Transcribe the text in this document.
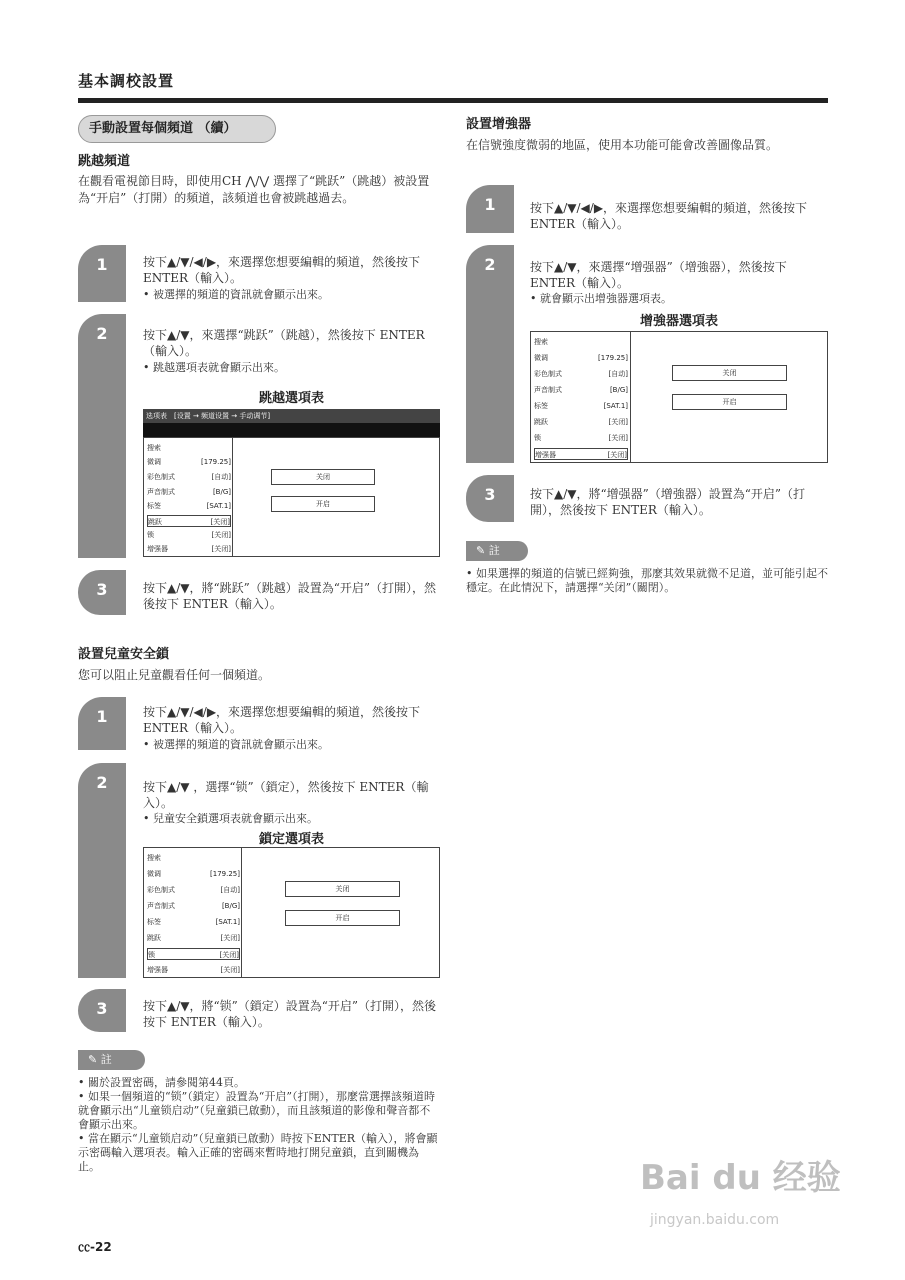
基本調校設置
手動設置每個頻道 （續）
跳越頻道
在觀看電視節目時，即使用CH ⋀/⋁ 選擇了“跳跃”（跳越）被設置為“开启”（打開）的頻道，該頻道也會被跳越過去。
1	按下▲/▼/◀/▶，來選擇您想要編輯的頻道，然後按下 ENTER（輸入）。
• 被選擇的頻道的資訊就會顯示出來。
2	按下▲/▼，來選擇“跳跃”（跳越），然後按下 ENTER（輸入）。
• 跳越選項表就會顯示出來。
跳越選項表
选项表　[设置 → 频道设置 → 手动调节]
搜索
微调	[179.25]
彩色制式	[自动]
声音制式	[B/G]
标签	[SAT.1]
跳跃	[关闭]
锁	[关闭]
增强器	[关闭]
关闭
开启
3	按下▲/▼，將“跳跃”（跳越）設置為“开启”（打開），然後按下 ENTER（輸入）。
設置兒童安全鎖
您可以阻止兒童觀看任何一個頻道。
1	按下▲/▼/◀/▶，來選擇您想要編輯的頻道，然後按下 ENTER（輸入）。
• 被選擇的頻道的資訊就會顯示出來。
2	按下▲/▼ ，選擇“锁”（鎖定），然後按下 ENTER（輸入）。
• 兒童安全鎖選項表就會顯示出來。
鎖定選項表
搜索
微调	[179.25]
彩色制式	[自动]
声音制式	[B/G]
标签	[SAT.1]
跳跃	[关闭]
锁	[关闭]
增强器	[关闭]
关闭
开启
3	按下▲/▼，將“锁”（鎖定）設置為“开启”（打開），然後按下 ENTER（輸入）。
✎ 註
• 關於設置密碼，請參閱第44頁。
• 如果一個頻道的“锁”（鎖定）設置為“开启”（打開），那麼當選擇該頻道時就會顯示出“儿童锁启动”（兒童鎖已啟動），而且該頻道的影像和聲音都不會顯示出來。
• 當在顯示“儿童锁启动”（兒童鎖已啟動）時按下ENTER（輸入），將會顯示密碼輸入選項表。輸入正確的密碼來暫時地打開兒童鎖，直到關機為止。
設置增強器
在信號強度微弱的地區，使用本功能可能會改善圖像品質。
1	按下▲/▼/◀/▶，來選擇您想要編輯的頻道，然後按下 ENTER（輸入）。
2	按下▲/▼，來選擇“增强器”（增強器），然後按下ENTER（輸入）。
• 就會顯示出增強器選項表。
增強器選項表
搜索
微调	[179.25]
彩色制式	[自动]
声音制式	[B/G]
标签	[SAT.1]
跳跃	[关闭]
锁	[关闭]
增强器	[关闭]
关闭
开启
3	按下▲/▼，將“增强器”（增強器）設置為“开启”（打開），然後按下 ENTER（輸入）。
✎ 註
• 如果選擇的頻道的信號已經夠強，那麼其效果就微不足道，並可能引起不穩定。在此情況下，請選擇“关闭”（關閉）。
㏄-22
Bai du 经验
jingyan.baidu.com
